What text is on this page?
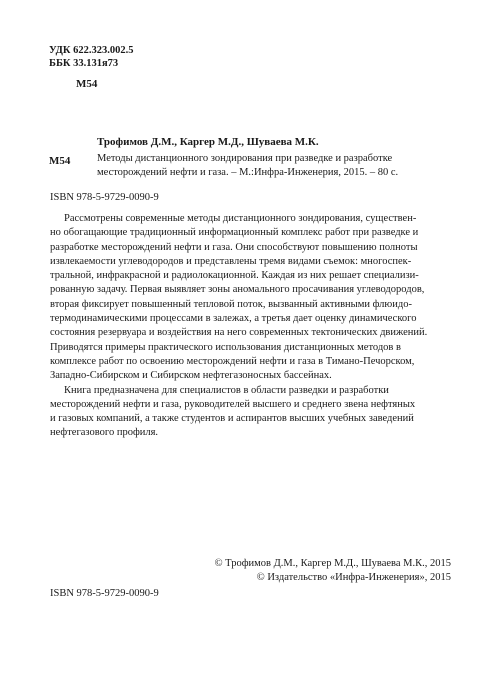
УДК 622.323.002.5
ББК 33.131я73
М54
Трофимов Д.М., Каргер М.Д., Шуваева М.К.
М54	Методы дистанционного зондирования при разведке и разработке
месторождений нефти и газа. – М.:Инфра-Инженерия, 2015. – 80 с.
ISBN 978-5-9729-0090-9
Рассмотрены современные методы дистанционного зондирования, существен-
но обогащающие традиционный информационный комплекс работ при разведке и
разработке месторождений нефти и газа. Они способствуют повышению полноты
извлекаемости углеводородов и представлены тремя видами съемок: многоспек-
тральной, инфракрасной и радиолокационной. Каждая из них решает специализи-
рованную задачу. Первая выявляет зоны аномального просачивания углеводородов,
вторая фиксирует повышенный тепловой поток, вызванный активными флюидо-
термодинамическими процессами в залежах, а третья дает оценку динамического
состояния резервуара и воздействия на него современных тектонических движений.
Приводятся примеры практического использования дистанционных методов в
комплексе работ по освоению месторождений нефти и газа в Тимано-Печорском,
Западно-Сибирском и Сибирском нефтегазоносных бассейнах.
Книга предназначена для специалистов в области разведки и разработки
месторождений нефти и газа, руководителей высшего и среднего звена нефтяных
и газовых компаний, а также студентов и аспирантов высших учебных заведений
нефтегазового профиля.
© Трофимов Д.М., Каргер М.Д., Шуваева М.К., 2015
© Издательство «Инфра-Инженерия», 2015
ISBN 978-5-9729-0090-9
